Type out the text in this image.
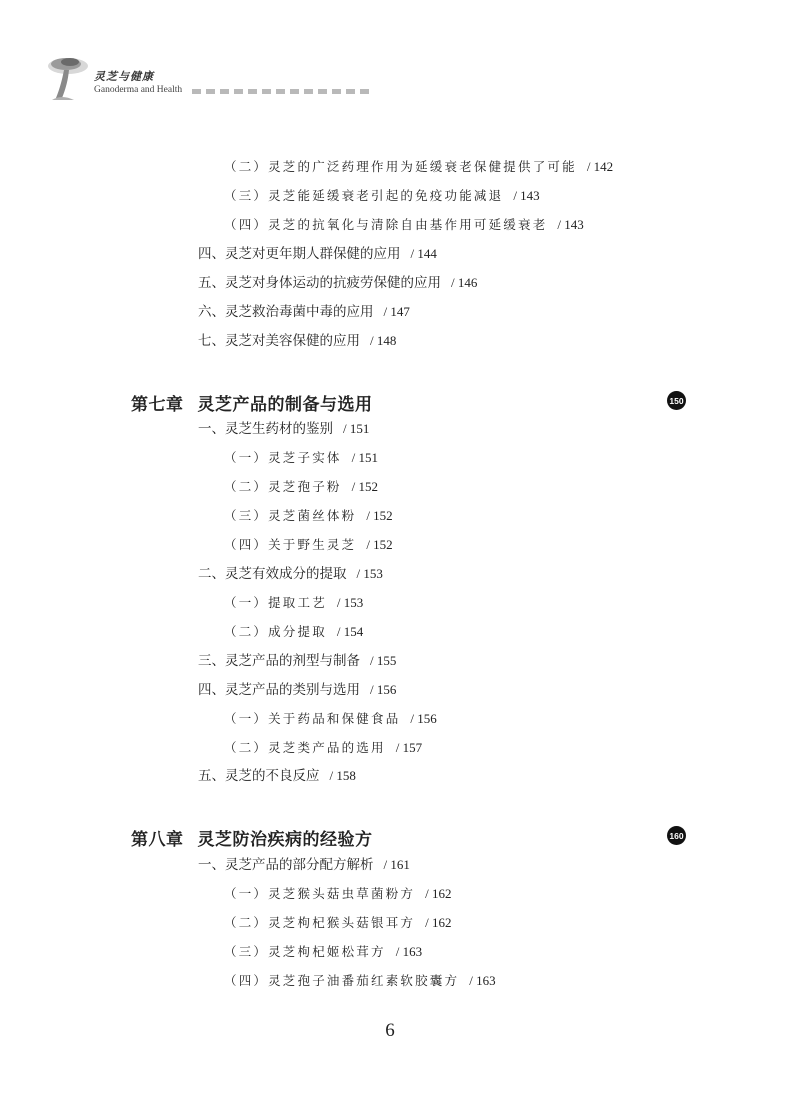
灵芝与健康
Ganoderma and Health
（二）灵芝的广泛药理作用为延缓衰老保健提供了可能 / 142
（三）灵芝能延缓衰老引起的免疫功能减退 / 143
（四）灵芝的抗氧化与清除自由基作用可延缓衰老 / 143
四、灵芝对更年期人群保健的应用 / 144
五、灵芝对身体运动的抗疲劳保健的应用 / 146
六、灵芝救治毒菌中毒的应用 / 147
七、灵芝对美容保健的应用 / 148
第七章 灵芝产品的制备与选用	150
一、灵芝生药材的鉴别 / 151
（一）灵芝子实体 / 151
（二）灵芝孢子粉 / 152
（三）灵芝菌丝体粉 / 152
（四）关于野生灵芝 / 152
二、灵芝有效成分的提取 / 153
（一）提取工艺 / 153
（二）成分提取 / 154
三、灵芝产品的剂型与制备 / 155
四、灵芝产品的类别与选用 / 156
（一）关于药品和保健食品 / 156
（二）灵芝类产品的选用 / 157
五、灵芝的不良反应 / 158
第八章 灵芝防治疾病的经验方	160
一、灵芝产品的部分配方解析 / 161
（一）灵芝猴头菇虫草菌粉方 / 162
（二）灵芝枸杞猴头菇银耳方 / 162
（三）灵芝枸杞姬松茸方 / 163
（四）灵芝孢子油番茄红素软胶囊方 / 163
6
